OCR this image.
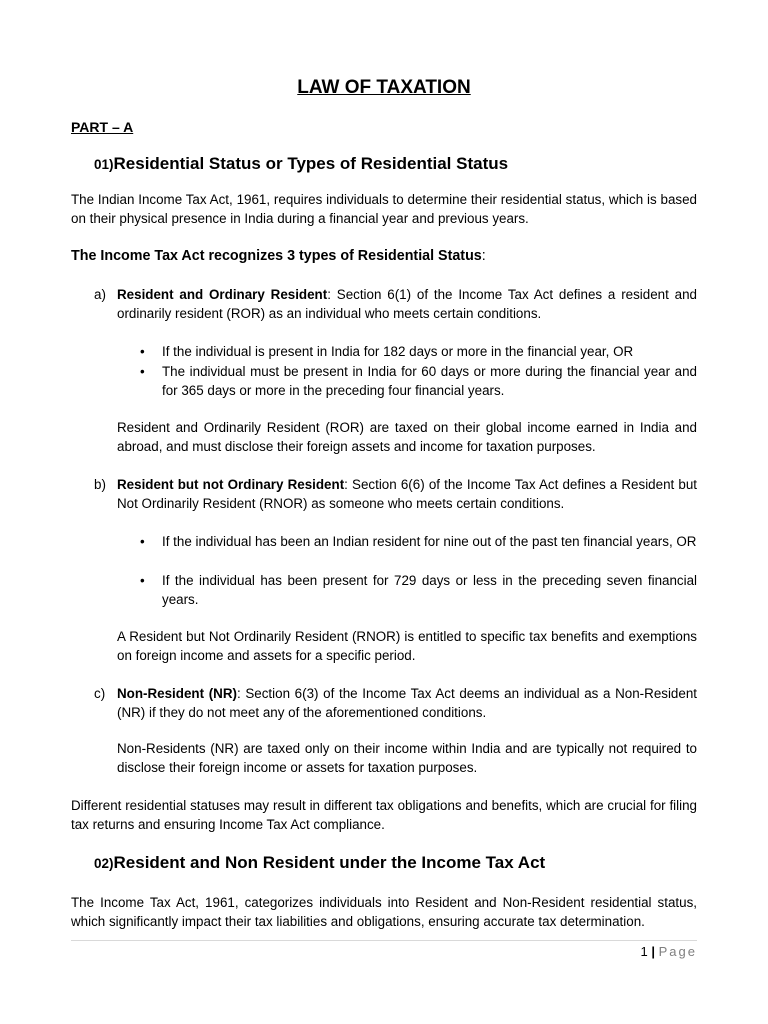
LAW OF TAXATION
PART – A
01)Residential Status or Types of Residential Status

The Indian Income Tax Act, 1961, requires individuals to determine their residential status, which is based on their physical presence in India during a financial year and previous years.

The Income Tax Act recognizes 3 types of Residential Status:
a) Resident and Ordinary Resident: Section 6(1) of the Income Tax Act defines a resident and ordinarily resident (ROR) as an individual who meets certain conditions.
• If the individual is present in India for 182 days or more in the financial year, OR
• The individual must be present in India for 60 days or more during the financial year and for 365 days or more in the preceding four financial years.

Resident and Ordinarily Resident (ROR) are taxed on their global income earned in India and abroad, and must disclose their foreign assets and income for taxation purposes.

b) Resident but not Ordinary Resident: Section 6(6) of the Income Tax Act defines a Resident but Not Ordinarily Resident (RNOR) as someone who meets certain conditions.
• If the individual has been an Indian resident for nine out of the past ten financial years, OR
• If the individual has been present for 729 days or less in the preceding seven financial years.

A Resident but Not Ordinarily Resident (RNOR) is entitled to specific tax benefits and exemptions on foreign income and assets for a specific period.

c) Non-Resident (NR): Section 6(3) of the Income Tax Act deems an individual as a Non-Resident (NR) if they do not meet any of the aforementioned conditions.

Non-Residents (NR) are taxed only on their income within India and are typically not required to disclose their foreign income or assets for taxation purposes.

Different residential statuses may result in different tax obligations and benefits, which are crucial for filing tax returns and ensuring Income Tax Act compliance.

02)Resident and Non Resident under the Income Tax Act

The Income Tax Act, 1961, categorizes individuals into Resident and Non-Resident residential status, which significantly impact their tax liabilities and obligations, ensuring accurate tax determination.

1 | Page
